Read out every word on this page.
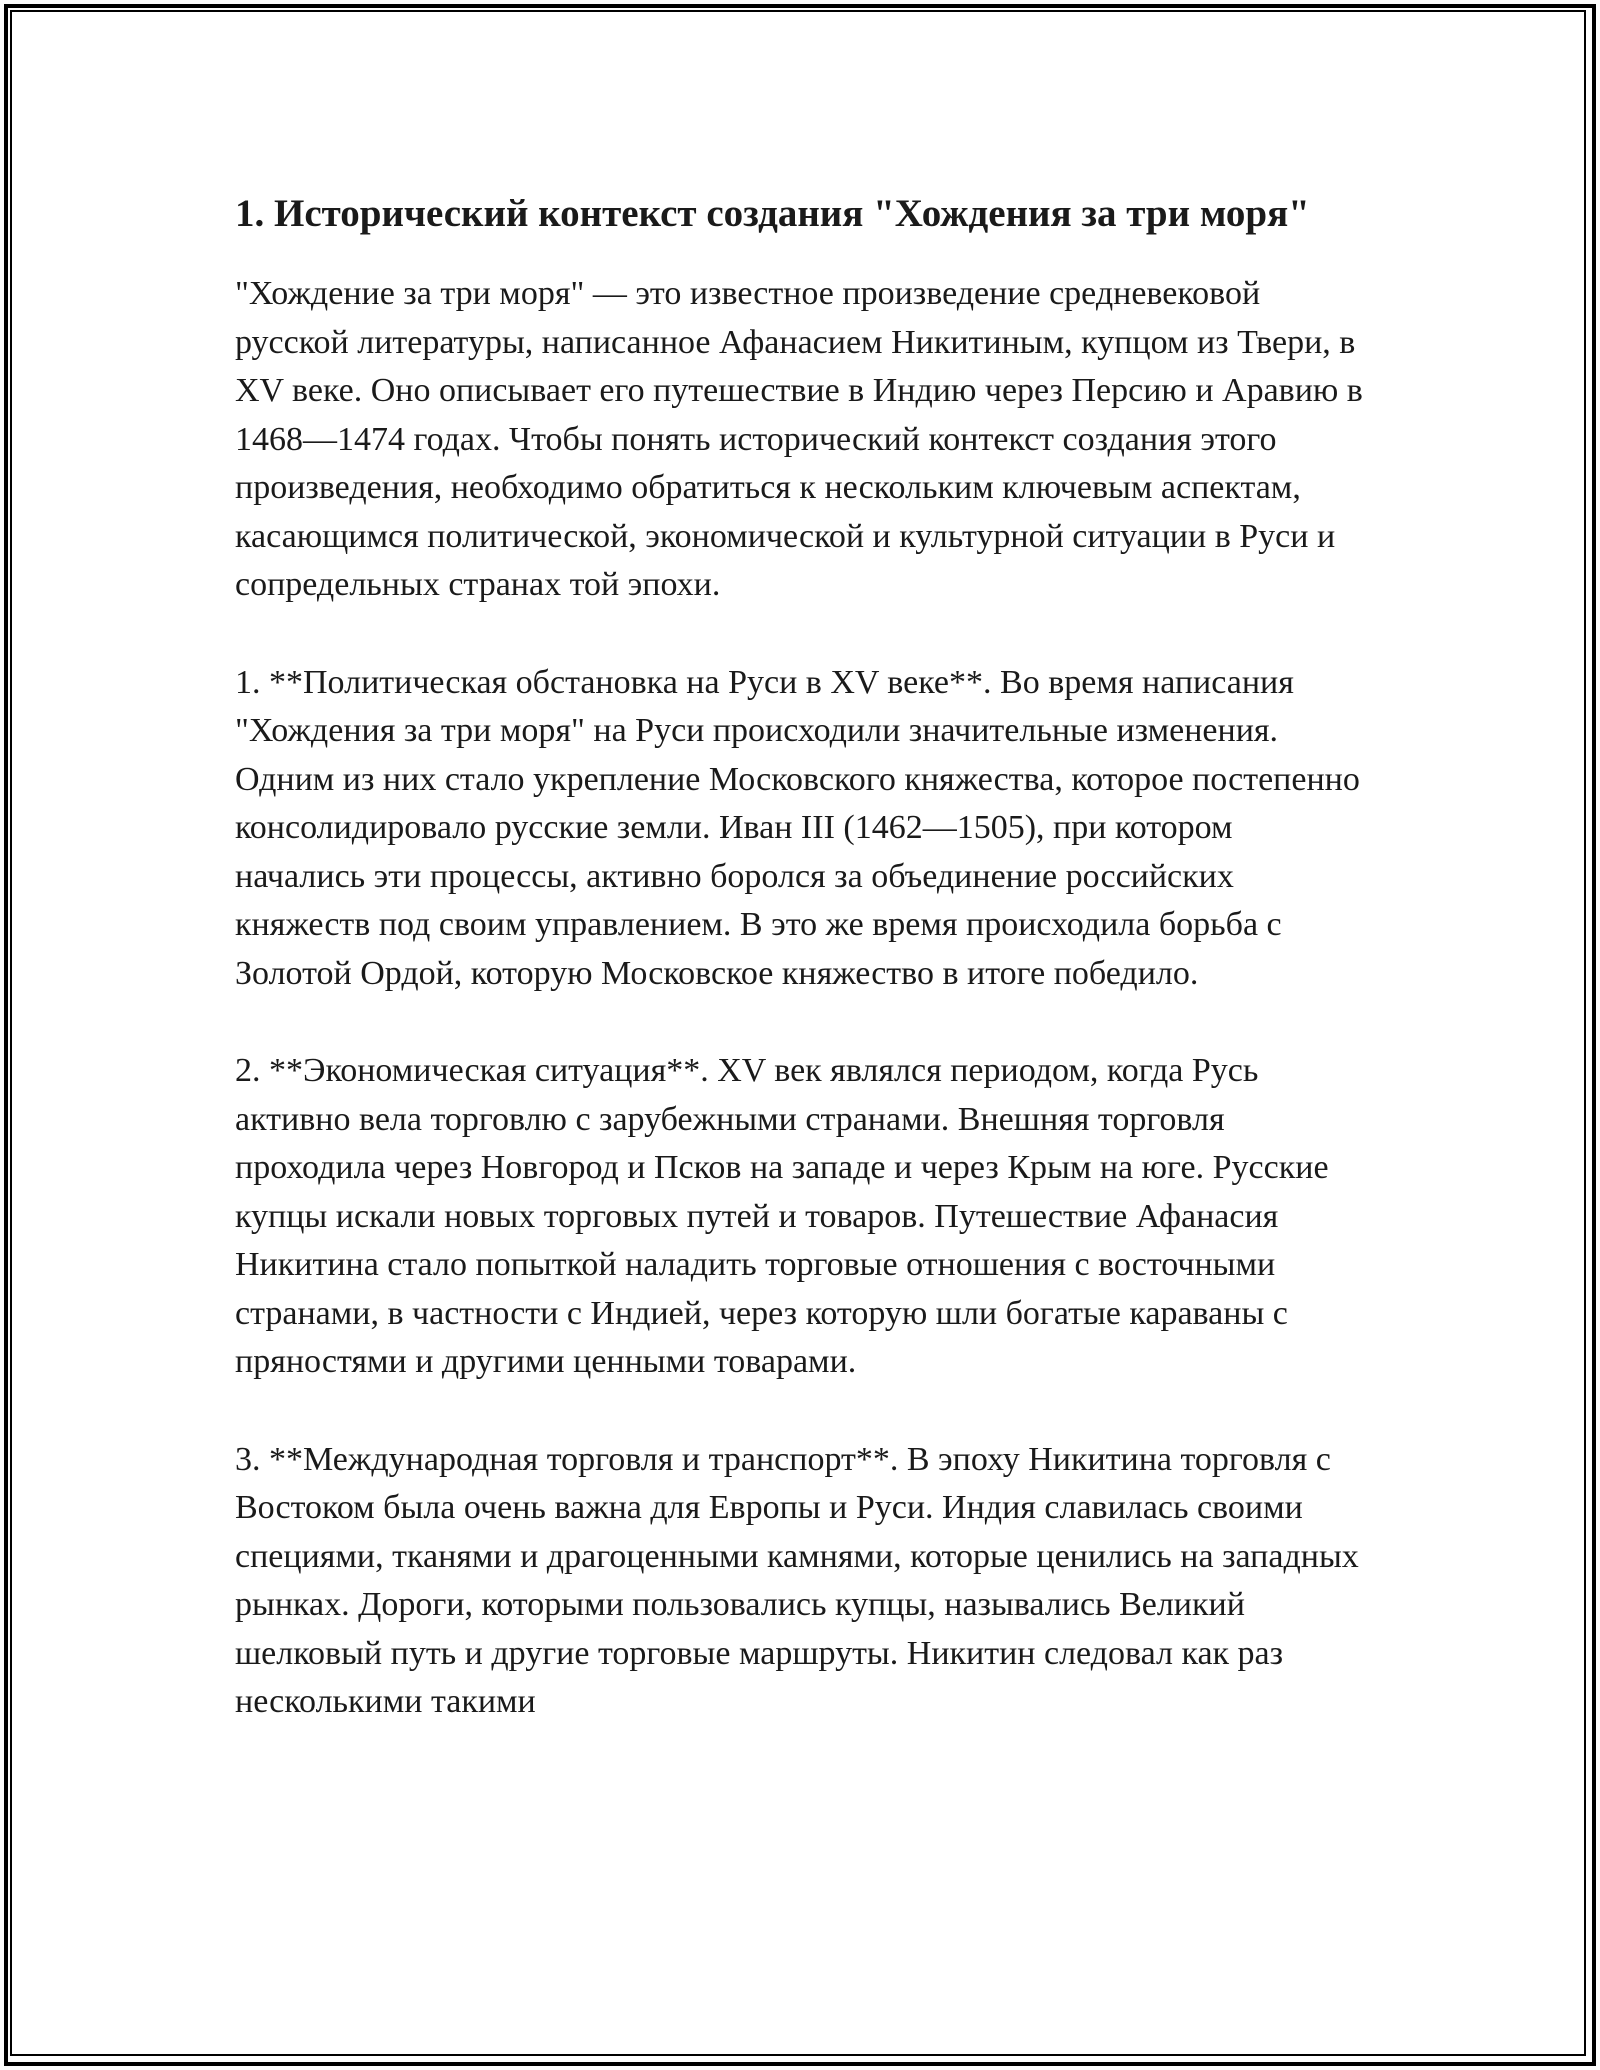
1. Исторический контекст создания "Хождения за три моря"

"Хождение за три моря" — это известное произведение средневековой русской литературы, написанное Афанасием Никитиным, купцом из Твери, в XV веке. Оно описывает его путешествие в Индию через Персию и Аравию в 1468—1474 годах. Чтобы понять исторический контекст создания этого произведения, необходимо обратиться к нескольким ключевым аспектам, касающимся политической, экономической и культурной ситуации в Руси и сопредельных странах той эпохи.

1. **Политическая обстановка на Руси в XV веке**. Во время написания "Хождения за три моря" на Руси происходили значительные изменения. Одним из них стало укрепление Московского княжества, которое постепенно консолидировало русские земли. Иван III (1462—1505), при котором начались эти процессы, активно боролся за объединение российских княжеств под своим управлением. В это же время происходила борьба с Золотой Ордой, которую Московское княжество в итоге победило.

2. **Экономическая ситуация**. XV век являлся периодом, когда Русь активно вела торговлю с зарубежными странами. Внешняя торговля проходила через Новгород и Псков на западе и через Крым на юге. Русские купцы искали новых торговых путей и товаров. Путешествие Афанасия Никитина стало попыткой наладить торговые отношения с восточными странами, в частности с Индией, через которую шли богатые караваны с пряностями и другими ценными товарами.

3. **Международная торговля и транспорт**. В эпоху Никитина торговля с Востоком была очень важна для Европы и Руси. Индия славилась своими специями, тканями и драгоценными камнями, которые ценились на западных рынках. Дороги, которыми пользовались купцы, назывались Великий шелковый путь и другие торговые маршруты. Никитин следовал как раз несколькими такими
